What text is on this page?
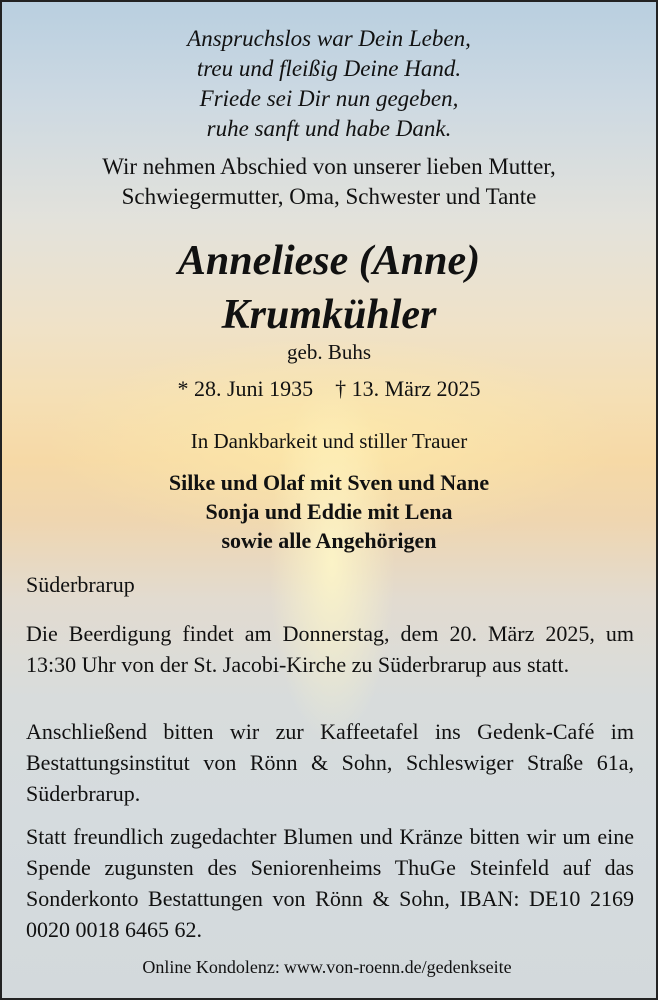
Anspruchslos war Dein Leben,
treu und fleißig Deine Hand.
Friede sei Dir nun gegeben,
ruhe sanft und habe Dank.
Wir nehmen Abschied von unserer lieben Mutter,
Schwiegermutter, Oma, Schwester und Tante
Anneliese (Anne)
Krumkühler
geb. Buhs
* 28. Juni 1935 † 13. März 2025
In Dankbarkeit und stiller Trauer
Silke und Olaf mit Sven und Nane
Sonja und Eddie mit Lena
sowie alle Angehörigen
Süderbrarup
Die Beerdigung findet am Donnerstag, dem 20. März 2025, um 13:30 Uhr von der St. Jacobi-Kirche zu Süderbrarup aus statt.
Anschließend bitten wir zur Kaffeetafel ins Gedenk-Café im Bestattungsinstitut von Rönn & Sohn, Schleswiger Straße 61a, Süderbrarup.
Statt freundlich zugedachter Blumen und Kränze bitten wir um eine Spende zugunsten des Seniorenheims ThuGe Steinfeld auf das Sonderkonto Bestattungen von Rönn & Sohn, IBAN: DE10 2169 0020 0018 6465 62.
Online Kondolenz: www.von-roenn.de/gedenkseite
